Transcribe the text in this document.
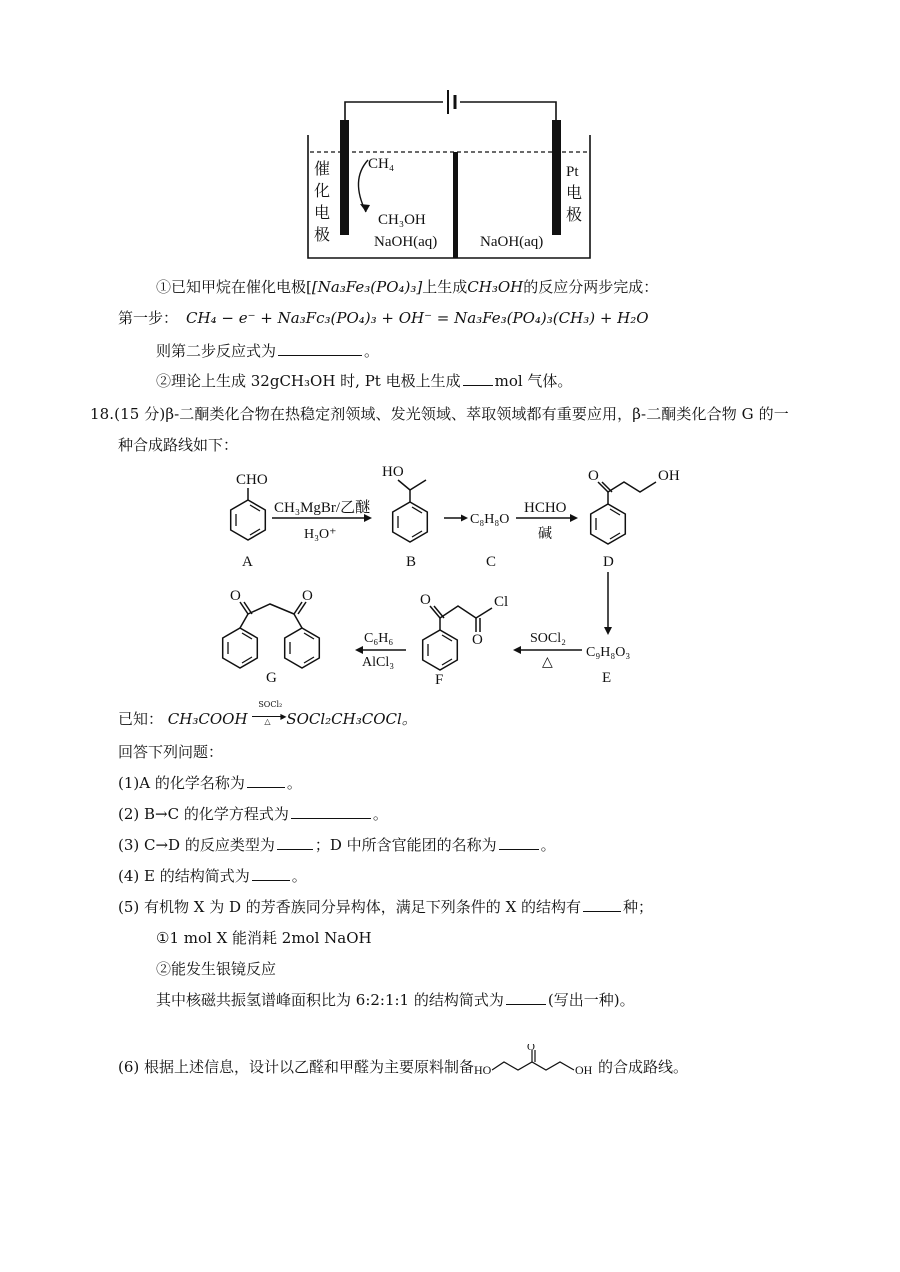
催
化
电
极
Pt
电
极
CH₄
CH₃OH
NaOH(aq)	NaOH(aq)
①已知甲烷在催化电极[[Na₃Fe₃(PO₄)₃]上生成CH₃OH的反应分两步完成：
第一步： CH₄ − e⁻ + Na₃Fc₃(PO₄)₃ + OH⁻ = Na₃Fe₃(PO₄)₃(CH₃) + H₂O
则第二步反应式为	。
②理论上生成 32gCH₃OH 时, Pt 电极上生成 mol 气体。
18.(15 分)β-二酮类化合物在热稳定剂领域、发光领域、萃取领域都有重要应用，β-二酮类化合物 G 的一
种合成路线如下：
CHO
A
CH₃MgBr/乙醚
H₃O⁺
HO
B
C₈H₈O
C
HCHO
碱
O	OH
D
C₉H₈O₃
E
SOCl₂
△
O
O
Cl
F
C₆H₆
AlCl₃
O	O
G
已知： CH₃COOH
SOCl₂
▶
△ SOCl₂CH₃COCl。
回答下列问题：
(1)A 的化学名称为	。
(2) B→C 的化学方程式为	。
(3) C→D 的反应类型为	；D 中所含官能团的名称为	。
(4) E 的结构简式为	。
(5) 有机物 X 为 D 的芳香族同分异构体，满足下列条件的 X 的结构有	种；
①1 mol X 能消耗 2mol NaOH
②能发生银镜反应
其中核磁共振氢谱峰面积比为 6:2:1:1 的结构简式为	(写出一种)。
(6) 根据上述信息，设计以乙醛和甲醛为主要原料制备 HO
O
OH 的合成路线。
